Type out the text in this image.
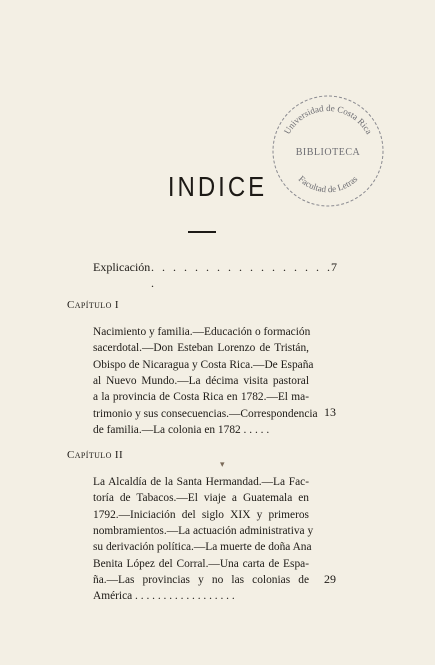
Universidad de Costa Rica
BIBLIOTECA
Facultad de Letras
INDICE
Explicación . . . . . . . . . . . . . . . . . .
7
Capítulo I
Nacimiento y familia.—Educación o formación
sacerdotal.—Don Esteban Lorenzo de Tristán,
Obispo de Nicaragua y Costa Rica.—De España
al Nuevo Mundo.—La décima visita pastoral
a la provincia de Costa Rica en 1782.—El ma-
trimonio y sus consecuencias.—Correspondencia
de familia.—La colonia en 1782 . . . . .
13
Capítulo II
▾
La Alcaldía de la Santa Hermandad.—La Fac-
toría de Tabacos.—El viaje a Guatemala en
1792.—Iniciación del siglo XIX y primeros
nombramientos.—La actuación administrativa y
su derivación política.—La muerte de doña Ana
Benita López del Corral.—Una carta de Espa-
ña.—Las provincias y no las colonias de
América . . . . . . . . . . . . . . . . . .
29
